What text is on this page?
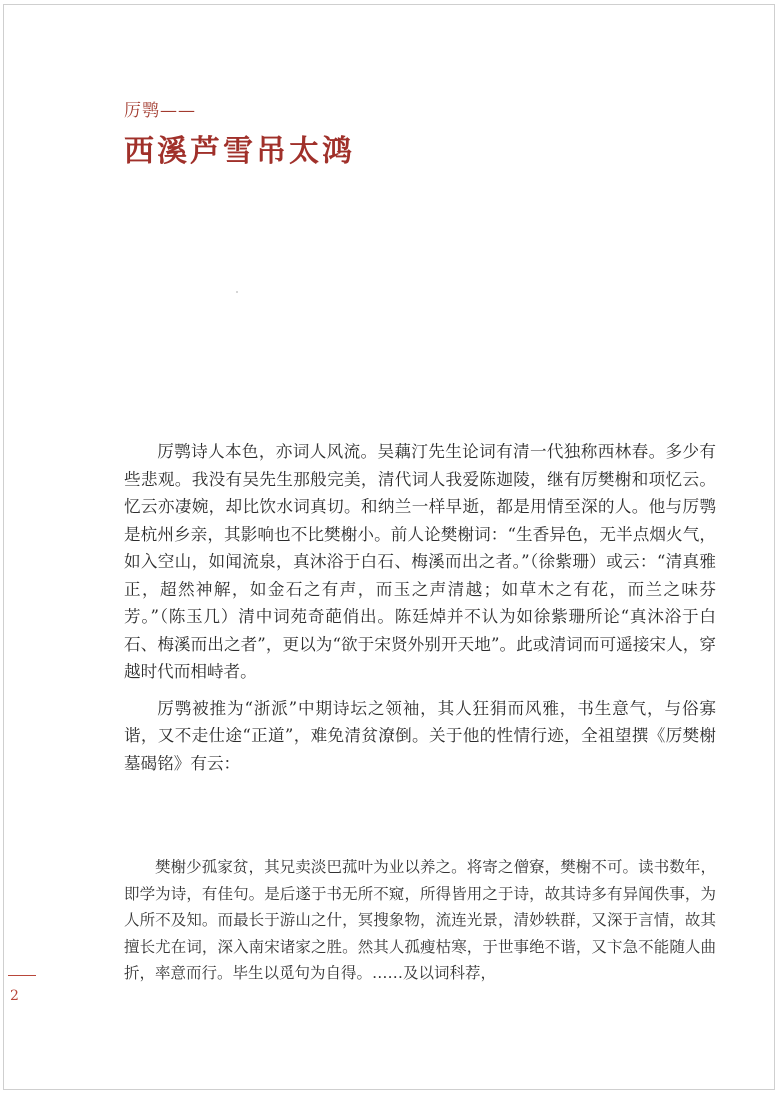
厉鹗——
西溪芦雪吊太鸿

厉鹗诗人本色，亦词人风流。吴藕汀先生论词有清一代独称西林春。多少有些悲观。我没有吴先生那般完美，清代词人我爱陈迦陵，继有厉樊榭和项忆云。忆云亦凄婉，却比饮水词真切。和纳兰一样早逝，都是用情至深的人。他与厉鹗是杭州乡亲，其影响也不比樊榭小。前人论樊榭词：“生香异色，无半点烟火气，如入空山，如闻流泉，真沐浴于白石、梅溪而出之者。”（徐紫珊）或云：“清真雅正，超然神解，如金石之有声，而玉之声清越；如草木之有花，而兰之味芬芳。”（陈玉几）清中词苑奇葩俏出。陈廷焯并不认为如徐紫珊所论“真沐浴于白石、梅溪而出之者”，更以为“欲于宋贤外别开天地”。此或清词而可遥接宋人，穿越时代而相峙者。

厉鹗被推为“浙派”中期诗坛之领袖，其人狂狷而风雅，书生意气，与俗寡谐，又不走仕途“正道”，难免清贫潦倒。关于他的性情行迹，全祖望撰《厉樊榭墓碣铭》有云：

樊榭少孤家贫，其兄卖淡巴菰叶为业以养之。将寄之僧寮，樊榭不可。读书数年，即学为诗，有佳句。是后遂于书无所不窥，所得皆用之于诗，故其诗多有异闻佚事，为人所不及知。而最长于游山之什，冥搜象物，流连光景，清妙轶群，又深于言情，故其擅长尤在词，深入南宋诸家之胜。然其人孤瘦枯寒，于世事绝不谐，又卞急不能随人曲折，率意而行。毕生以觅句为自得。……及以词科荐，

2
